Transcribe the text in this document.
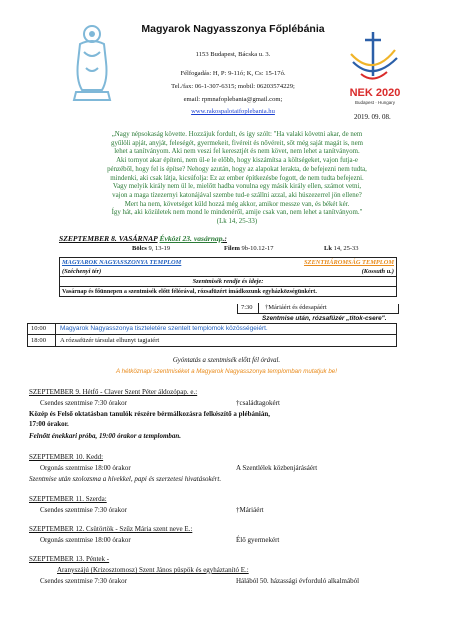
NEK 2020
Budapest · Hungary
Magyarok Nagyasszonya Főplébánia
1153 Budapest, Bácska u. 3.
Félfogadás: H, P: 9-11ó; K, Cs: 15-17ó.
Tel./fax: 06-1-307-6315; mobil: 06203574229;
email: rpmnafoplebania@gmail.com;
www.rakospalotaifoplebania.hu
2019. 09. 08.
„Nagy népsokaság követte. Hozzájuk fordult, és így szólt: "Ha valaki követni akar, de nem
gyűlöli apját, anyját, feleségét, gyermekeit, fivéreit és nővéreit, sőt még saját magát is, nem
lehet a tanítványom. Aki nem veszi fel keresztjét és nem követ, nem lehet a tanítványom.
Aki tornyot akar építeni, nem ül-e le előbb, hogy kiszámítsa a költségeket, vajon futja-e
pénzéből, hogy fel is építse? Nehogy azután, hogy az alapokat lerakta, de befejezni nem tudta,
mindenki, aki csak látja, kicsúfolja: Ez az ember építkezésbe fogott, de nem tudta befejezni.
Vagy melyik király nem ül le, mielőtt hadba vonulna egy másik király ellen, számot vetni,
vajon a maga tízezernyi katonájával szembe tud-e szállni azzal, aki húszezerrel jön ellene?
Mert ha nem, követséget küld hozzá még akkor, amikor messze van, és békét kér.
Így hát, aki közületek nem mond le mindenéről, amije csak van, nem lehet a tanítványom."
(Lk 14, 25-33)
SZEPTEMBER 8. VASÁRNAP Évközi 23. vasárnap.:
Bölcs 9, 13-19	Filem 9b-10.12-17	Lk 14, 25-33
MAGYAROK NAGYASSZONYA TEMPLOM	SZENTHÁROMSÁG TEMPLOM

(Széchenyi tér)	(Kossuth u.)

Szentmisék rendje és ideje:
Vasárnap és főünnepen a szentmisék előtt félórával, rózsafüzért imádkozunk egyházközségünkért.
7:30 †Máriáért és édesapáért
Szentmise után, rózsafüzér „titok-csere".
10:00 Magyarok Nagyasszonya tiszteletére szentelt templomok közösségeiért.
18:00 A rózsafüzér társulat elhunyt tagjaiért
Gyóntatás a szentmisék előtt fél órával.
A hétköznapi szentmiséket a Magyarok Nagyasszonya templomban mutatjuk be!
SZEPTEMBER 9. Hétfő - Claver Szent Péter áldozópap. e.:
Csendes szentmise 7:30 órakor	†családtagokért
Közép és Felső oktatásban tanulók részére bérmálkozásra felkészítő a plébánián,
17:00 órakor.
Felnőtt énekkari próba, 19:00 órakor a templomban.
SZEPTEMBER 10. Kedd:
Orgonás szentmise 18:00 órakor	A Szentlélek közbenjárásáért
Szentmise után szolozsma a hívekkel, papi és szerzetesi hivatásokért.
SZEPTEMBER 11. Szerda:
Csendes szentmise 7:30 órakor	†Máriáért
SZEPTEMBER 12. Csütörtök - Szűz Mária szent neve E.:
Orgonás szentmise 18:00 órakor	Élő gyermekért
SZEPTEMBER 13. Péntek -
Aranyszájú (Krizosztomosz) Szent János püspök és egyháztanító E.:
Csendes szentmise 7:30 órakor	Hálából 50. házassági évforduló alkalmából
